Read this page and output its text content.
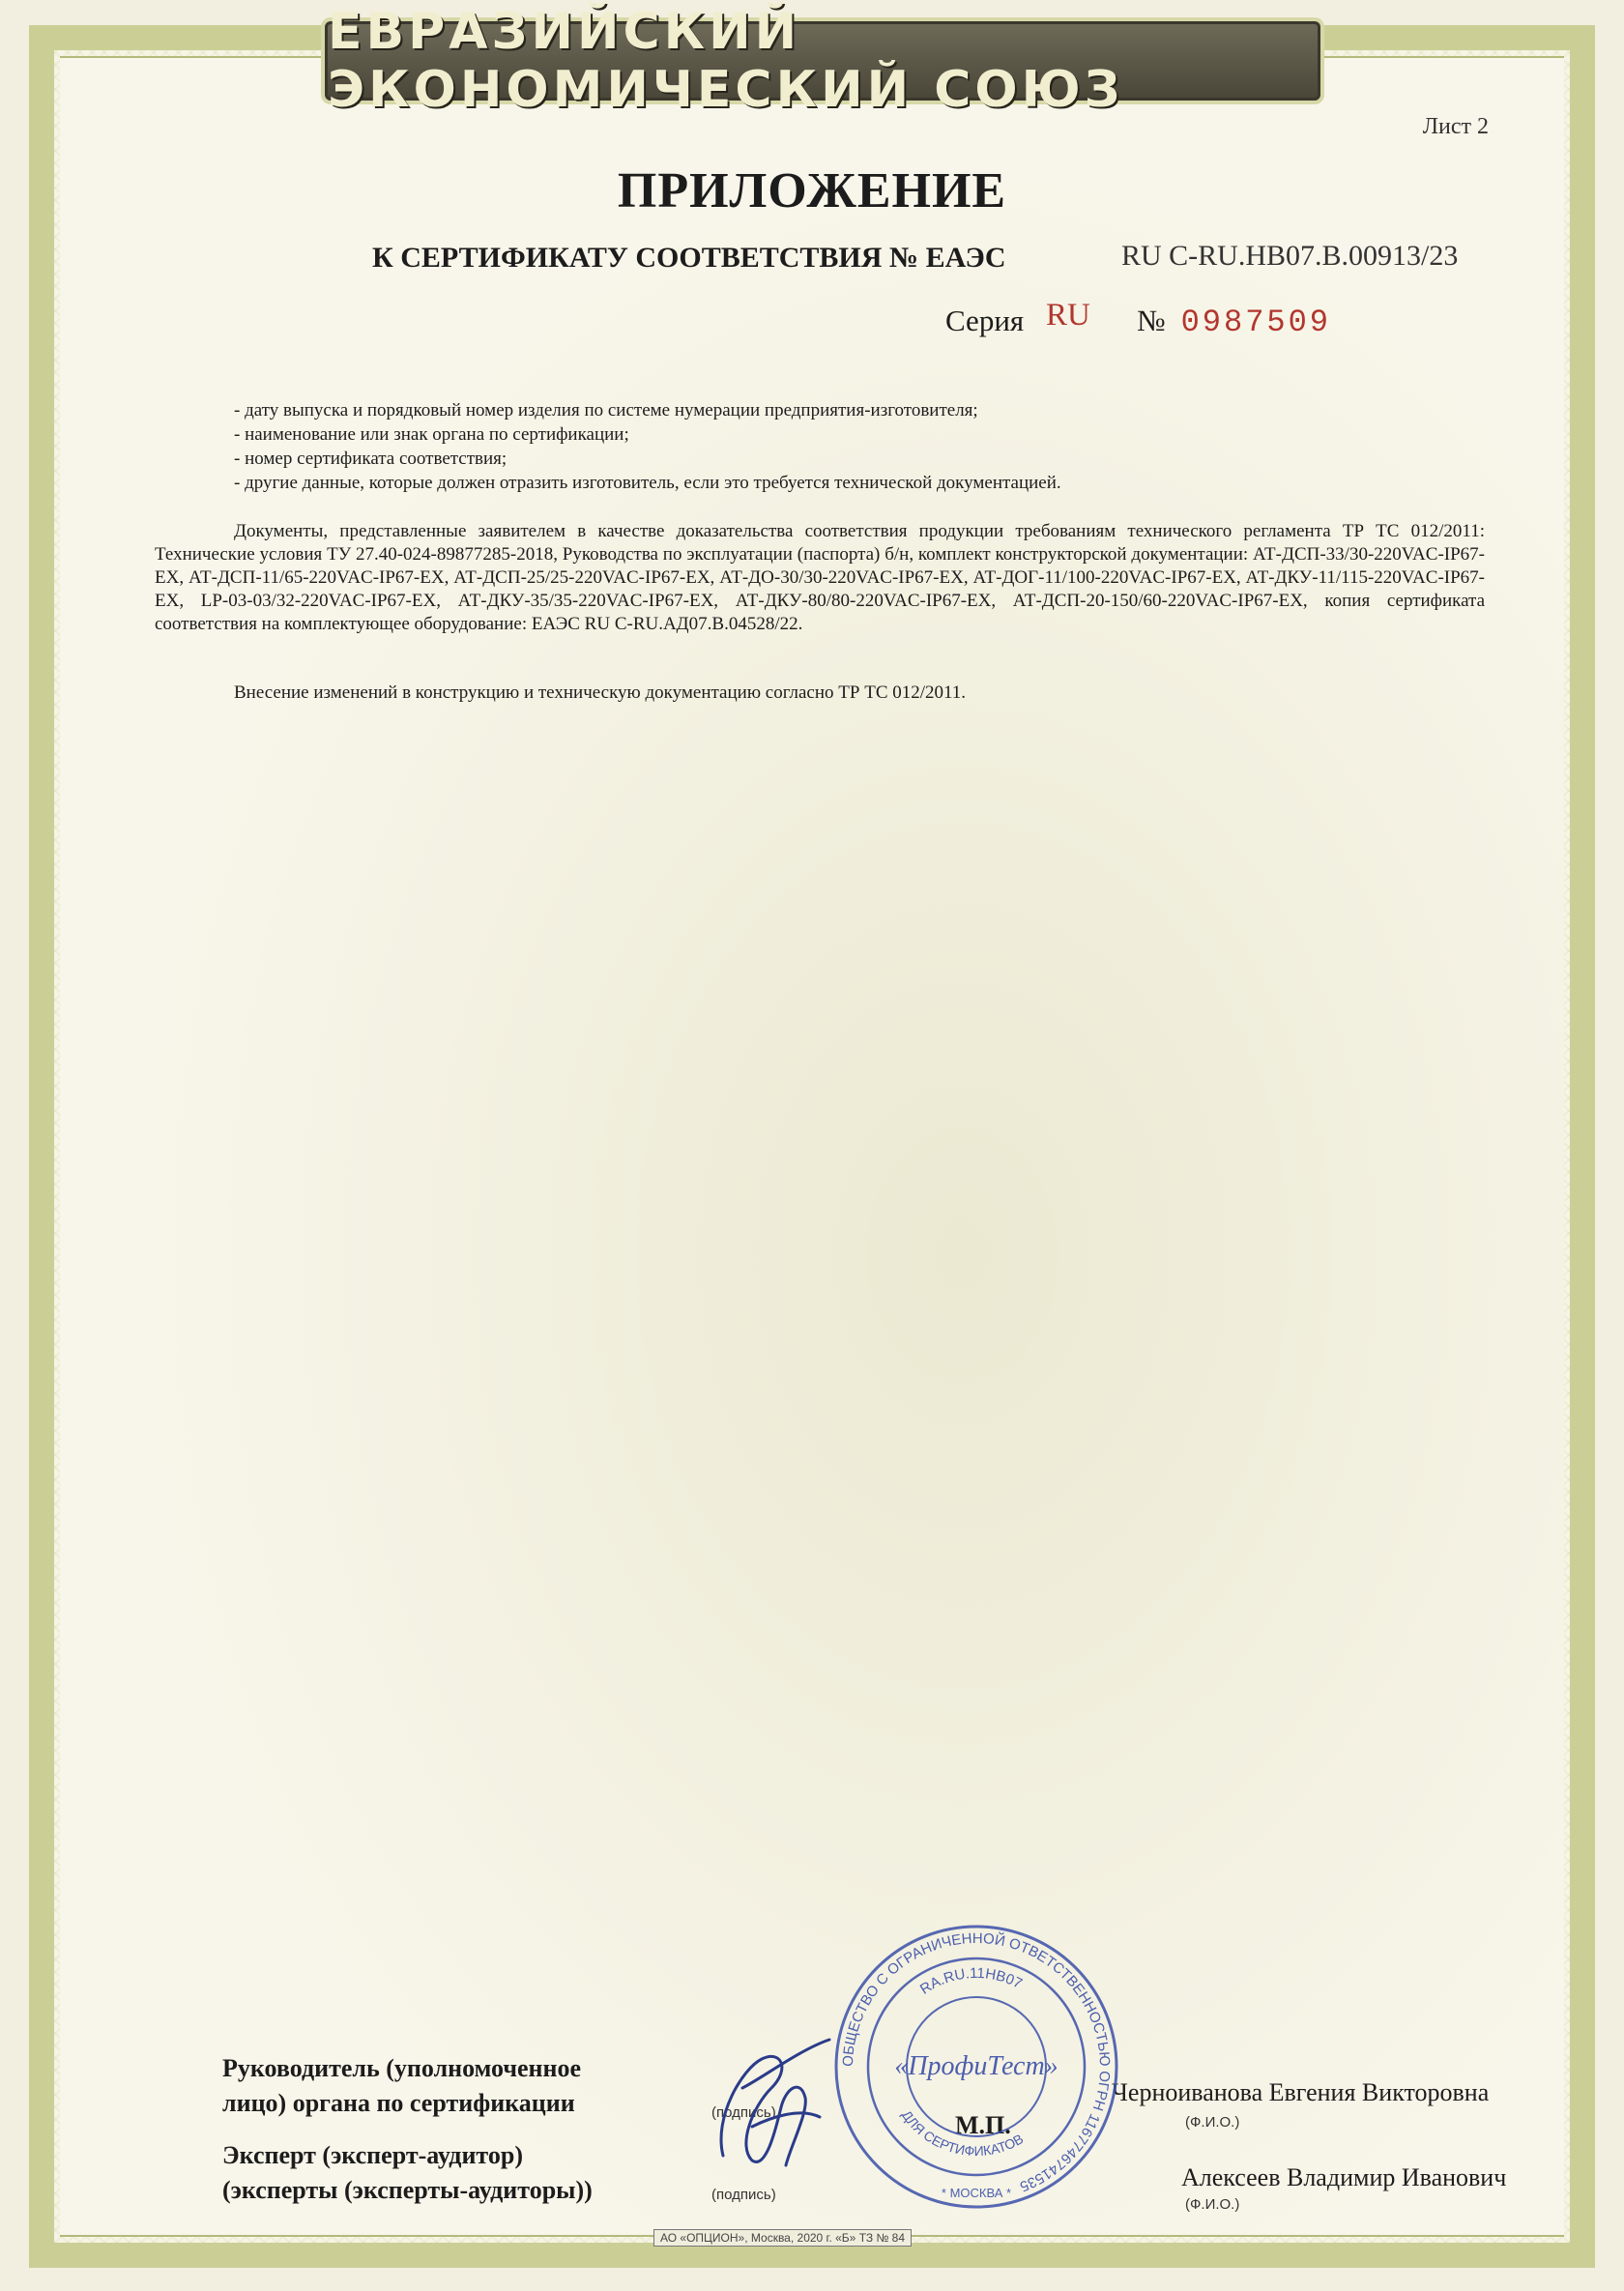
ЕВРАЗИЙСКИЙ ЭКОНОМИЧЕСКИЙ СОЮЗ
Лист 2
ПРИЛОЖЕНИЕ
К СЕРТИФИКАТУ СООТВЕТСТВИЯ № ЕАЭС	RU C-RU.НВ07.В.00913/23
Серия RU № 0987509
- дату выпуска и порядковый номер изделия по системе нумерации предприятия-изготовителя;
- наименование или знак органа по сертификации;
- номер сертификата соответствия;
- другие данные, которые должен отразить изготовитель, если это требуется технической документацией.

Документы, представленные заявителем в качестве доказательства соответствия продукции требованиям технического регламента ТР ТС 012/2011: Технические условия ТУ 27.40-024-89877285-2018, Руководства по эксплуатации (паспорта) б/н, комплект конструкторской документации: АТ-ДСП-33/30-220VAC-IP67-EX, АТ-ДСП-11/65-220VAC-IP67-EX, АТ-ДСП-25/25-220VAC-IP67-EX, АТ-ДО-30/30-220VAC-IP67-EX, АТ-ДОГ-11/100-220VAC-IP67-EX, АТ-ДКУ-11/115-220VAC-IP67-EX, LP-03-03/32-220VAC-IP67-EX, АТ-ДКУ-35/35-220VAC-IP67-EX, АТ-ДКУ-80/80-220VAC-IP67-EX, АТ-ДСП-20-150/60-220VAC-IP67-EX, копия сертификата соответствия на комплектующее оборудование: ЕАЭС RU C-RU.АД07.В.04528/22.

Внесение изменений в конструкцию и техническую документацию согласно ТР ТС 012/2011.

Руководитель (уполномоченное
лицо) органа по сертификации	(подпись)
Черноиванова Евгения Викторовна
(Ф.И.О.)
Эксперт (эксперт-аудитор)
(эксперты (эксперты-аудиторы))	(подпись)
Алексеев Владимир Иванович
(Ф.И.О.)
М.П.
ОБЩЕСТВО С ОГРАНИЧЕННОЙ ОТВЕТСТВЕННОСТЬЮ ОГРН 1167746741535
RA.RU.11НВ07
ДЛЯ СЕРТИФИКАТОВ
«ПрофиТест»
* МОСКВА *
АО «ОПЦИОН», Москва, 2020 г. «Б» ТЗ № 84
